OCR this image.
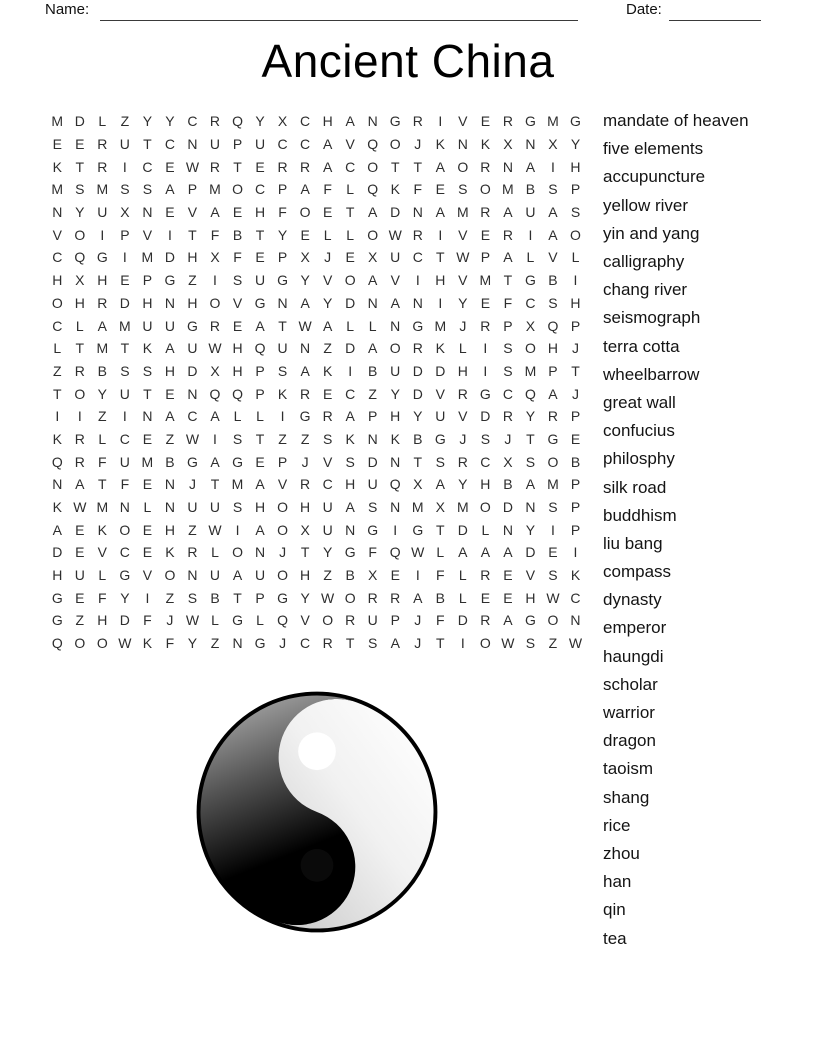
Name:	Date:
Ancient China
M D L	Z Y Y C R Q Y X C H A N G R	I	V E R G M G
E E R U T C N U P U C C A V Q O J	K N K X N X Y
K T R	I	C E W R T E R R A C O T T A O R N A	I	H
M S M S S A P M O C P A F	L Q K F E S O M B S P
N Y U X N E V A E H F O E T A D N A M R A U A S
V O	I	P V	I	T F B T Y E L	L O W R	I	V E R	I	A O
C Q G	I	M D H X F E P X	J	E X U C T W P A L V L
H X H E P G Z	I	S U G Y V O A V	I	H V M T G B	I
O H R D H N H O V G N A Y D N A N	I	Y E F C S H
C L A M U U G R E A T W A L	L N G M J R P X Q P
L	T M T K A U W H Q U N Z D A O R K L	I	S O H J
Z R B S S H D X H P S A K	I	B U D D H	I	S M P T
T O Y U T E N Q Q P K R E C Z Y D V R G C Q A	J
I	I	Z	I	N A C A L	L	I	G R A P H Y U V D R Y R P
K R L C E Z W I	S T Z Z S K N K B G J	S	J	T G E
Q R F U M B G A G E P	J	V S D N T S R C X S O B
N A T F E N J	T M A V R C H U Q X A Y H B A M P
K W M N L N U U S H O H U A S N M X M O D N S P
A E K O E H Z W I	A O X U N G	I	G T D L N Y	I	P
D E V C E K R L O N J	T Y G F Q W L A A A D E	I
H U L G V O N U A U O H Z B X E	I	F	L R E V S K
G E F Y	I	Z S B T P G Y W O R R A B L E E H W C
G Z H D F	J W L G L Q V O R U P	J	F D R A G O N
Q O O W K F Y Z N G J C R T S A	J	T	I	O W S Z W
mandate of heaven
five elements
accupuncture
yellow river
yin and yang
calligraphy
chang river
seismograph
terra cotta
wheelbarrow
great wall
confucius
philosphy
silk road
buddhism
liu bang
compass
dynasty
emperor
haungdi
scholar
warrior
dragon
taoism
shang
rice
zhou
han
qin
tea
